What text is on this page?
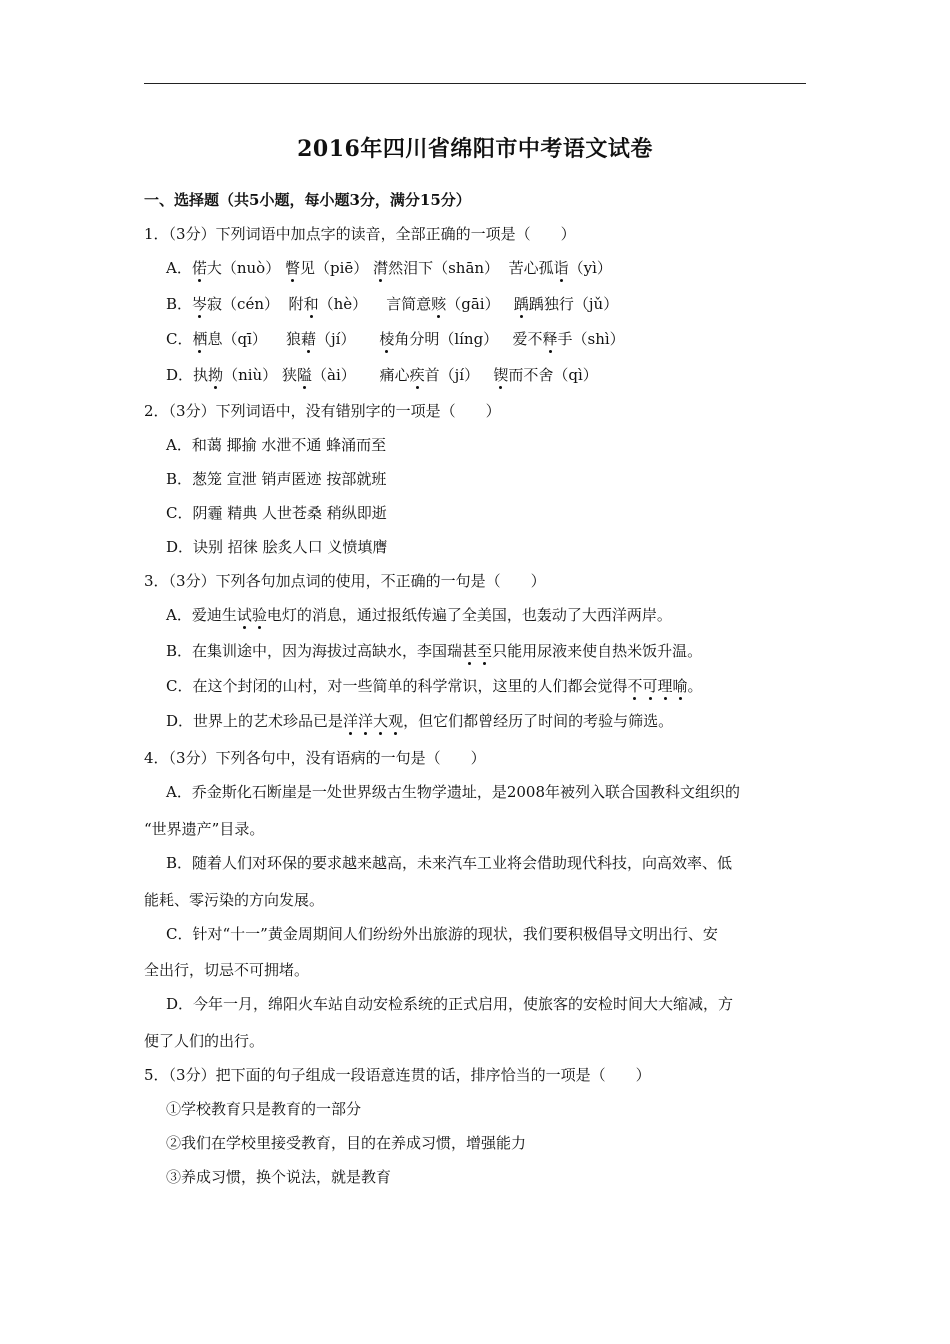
2016年四川省绵阳市中考语文试卷
一、选择题（共5小题，每小题3分，满分15分）
1．（3分）下列词语中加点字的读音，全部正确的一项是（　　）
A．偌大（nuò） 瞥见（piē） 潸然泪下（shān） 苦心孤诣（yì）
B．岑寂（cén） 附和（hè） 言简意赅（gāi） 踽踽独行（jǔ）
C．栖息（qī） 狼藉（jí） 棱角分明（líng） 爱不释手（shì）
D．执拗（niù） 狭隘（ài） 痛心疾首（jí） 锲而不舍（qì）
2．（3分）下列词语中，没有错别字的一项是（　　）
A．和蔼 揶揄 水泄不通 蜂涌而至
B．葱笼 宣泄 销声匿迹 按部就班
C．阴霾 精典 人世苍桑 稍纵即逝
D．诀别 招徕 脍炙人口 义愤填膺
3．（3分）下列各句加点词的使用，不正确的一句是（　　）
A．爱迪生试验电灯的消息，通过报纸传遍了全美国，也轰动了大西洋两岸。
B．在集训途中，因为海拔过高缺水，李国瑞甚至只能用尿液来使自热米饭升温。
C．在这个封闭的山村，对一些简单的科学常识，这里的人们都会觉得不可理喻。
D．世界上的艺术珍品已是洋洋大观，但它们都曾经历了时间的考验与筛选。
4．（3分）下列各句中，没有语病的一句是（　　）
A．乔金斯化石断崖是一处世界级古生物学遗址，是2008年被列入联合国教科文组织的
“世界遗产”目录。
B．随着人们对环保的要求越来越高，未来汽车工业将会借助现代科技，向高效率、低
能耗、零污染的方向发展。
C．针对“十一”黄金周期间人们纷纷外出旅游的现状，我们要积极倡导文明出行、安
全出行，切忌不可拥堵。
D．今年一月，绵阳火车站自动安检系统的正式启用，使旅客的安检时间大大缩减，方
便了人们的出行。
5．（3分）把下面的句子组成一段语意连贯的话，排序恰当的一项是（　　）
①学校教育只是教育的一部分
②我们在学校里接受教育，目的在养成习惯，增强能力
③养成习惯，换个说法，就是教育
